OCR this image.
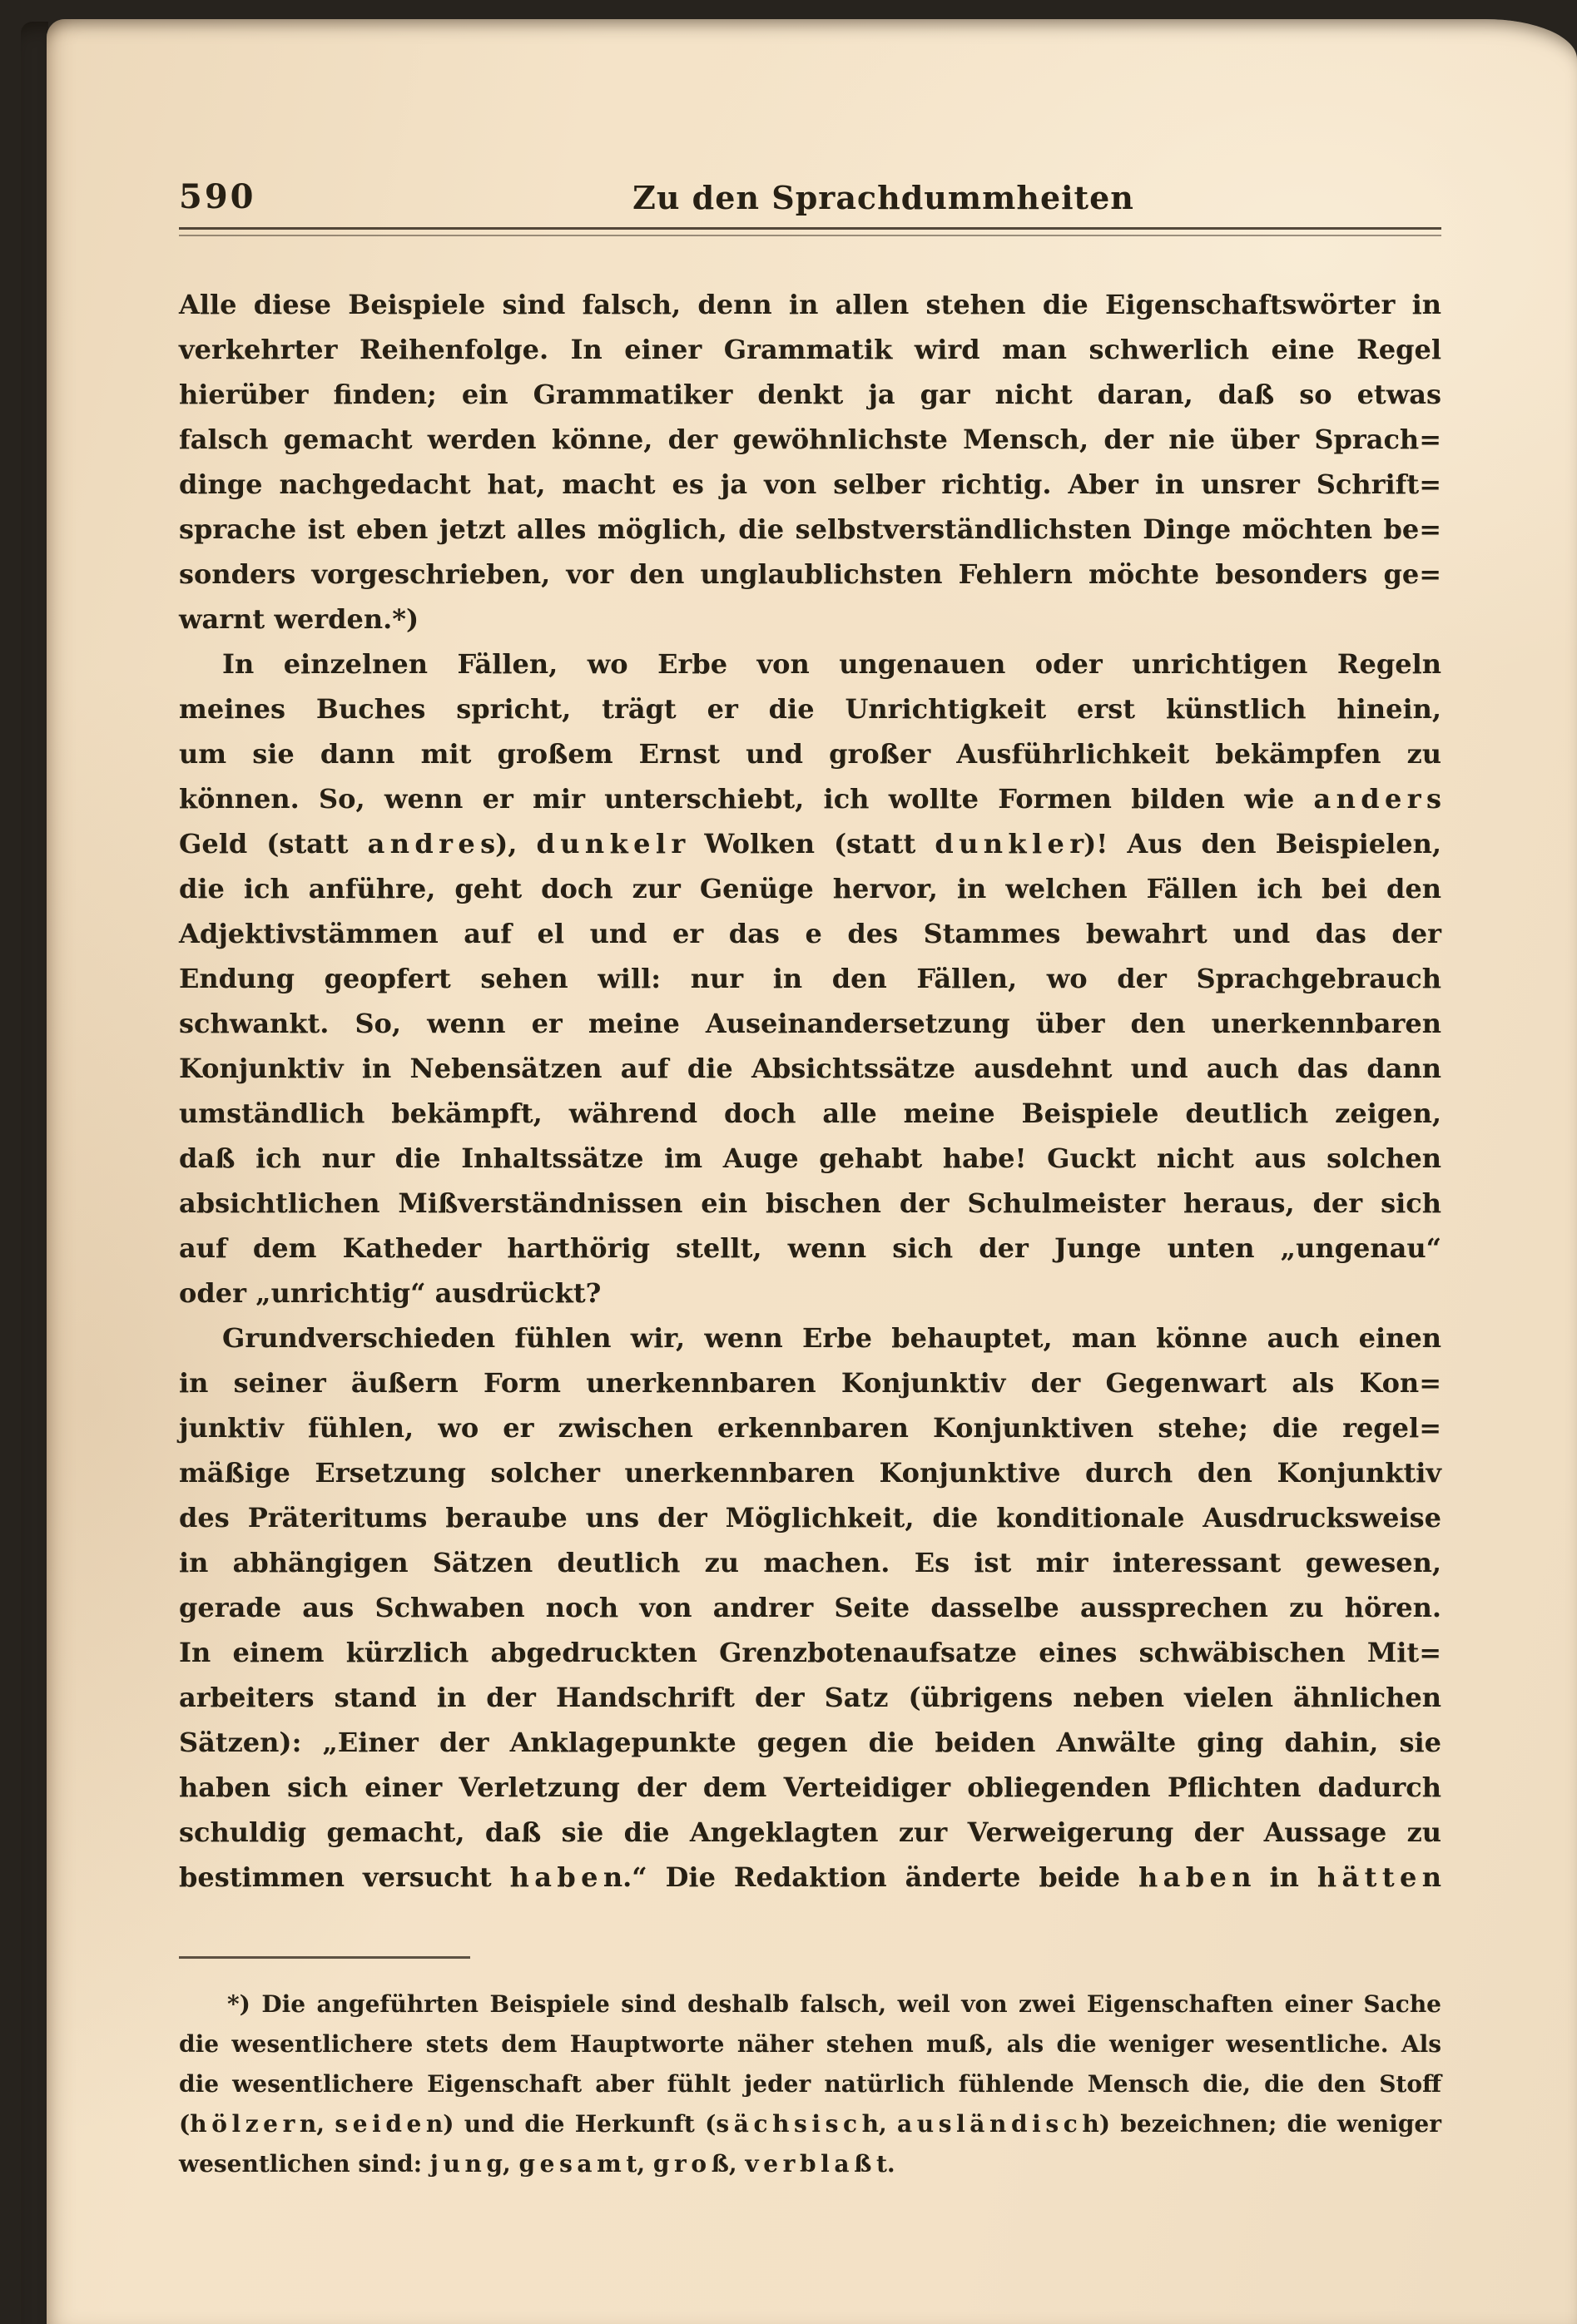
590	Zu den Sprachdummheiten
Alle diese Beispiele sind falsch, denn in allen stehen die Eigenschaftswörter in
verkehrter Reihenfolge. In einer Grammatik wird man schwerlich eine Regel
hierüber finden; ein Grammatiker denkt ja gar nicht daran, daß so etwas
falsch gemacht werden könne, der gewöhnlichste Mensch, der nie über Sprach=
dinge nachgedacht hat, macht es ja von selber richtig. Aber in unsrer Schrift=
sprache ist eben jetzt alles möglich, die selbstverständlichsten Dinge möchten be=
sonders vorgeschrieben, vor den unglaublichsten Fehlern möchte besonders ge=
warnt werden.*)
In einzelnen Fällen, wo Erbe von ungenauen oder unrichtigen Regeln
meines Buches spricht, trägt er die Unrichtigkeit erst künstlich hinein,
um sie dann mit großem Ernst und großer Ausführlichkeit bekämpfen zu
können. So, wenn er mir unterschiebt, ich wollte Formen bilden wie a n d e r s
Geld (statt a n d r e s), d u n k e l r Wolken (statt d u n k l e r)! Aus den Beispielen,
die ich anführe, geht doch zur Genüge hervor, in welchen Fällen ich bei den
Adjektivstämmen auf el und er das e des Stammes bewahrt und das der
Endung geopfert sehen will: nur in den Fällen, wo der Sprachgebrauch
schwankt. So, wenn er meine Auseinandersetzung über den unerkennbaren
Konjunktiv in Nebensätzen auf die Absichtssätze ausdehnt und auch das dann
umständlich bekämpft, während doch alle meine Beispiele deutlich zeigen,
daß ich nur die Inhaltssätze im Auge gehabt habe! Guckt nicht aus solchen
absichtlichen Mißverständnissen ein bischen der Schulmeister heraus, der sich
auf dem Katheder harthörig stellt, wenn sich der Junge unten „ungenau“
oder „unrichtig“ ausdrückt?
Grundverschieden fühlen wir, wenn Erbe behauptet, man könne auch einen
in seiner äußern Form unerkennbaren Konjunktiv der Gegenwart als Kon=
junktiv fühlen, wo er zwischen erkennbaren Konjunktiven stehe; die regel=
mäßige Ersetzung solcher unerkennbaren Konjunktive durch den Konjunktiv
des Präteritums beraube uns der Möglichkeit, die konditionale Ausdrucksweise
in abhängigen Sätzen deutlich zu machen. Es ist mir interessant gewesen,
gerade aus Schwaben noch von andrer Seite dasselbe aussprechen zu hören.
In einem kürzlich abgedruckten Grenzbotenaufsatze eines schwäbischen Mit=
arbeiters stand in der Handschrift der Satz (übrigens neben vielen ähnlichen
Sätzen): „Einer der Anklagepunkte gegen die beiden Anwälte ging dahin, sie
haben sich einer Verletzung der dem Verteidiger obliegenden Pflichten dadurch
schuldig gemacht, daß sie die Angeklagten zur Verweigerung der Aussage zu
bestimmen versucht h a b e n.“ Die Redaktion änderte beide h a b e n in h ä t t e n
*) Die angeführten Beispiele sind deshalb falsch, weil von zwei Eigenschaften einer Sache
die wesentlichere stets dem Hauptworte näher stehen muß, als die weniger wesentliche. Als
die wesentlichere Eigenschaft aber fühlt jeder natürlich fühlende Mensch die, die den Stoff
(h ö l z e r n, s e i d e n) und die Herkunft (s ä c h s i s c h, a u s l ä n d i s c h) bezeichnen; die weniger
wesentlichen sind: j u n g, g e s a m t, g r o ß, v e r b l a ß t.
